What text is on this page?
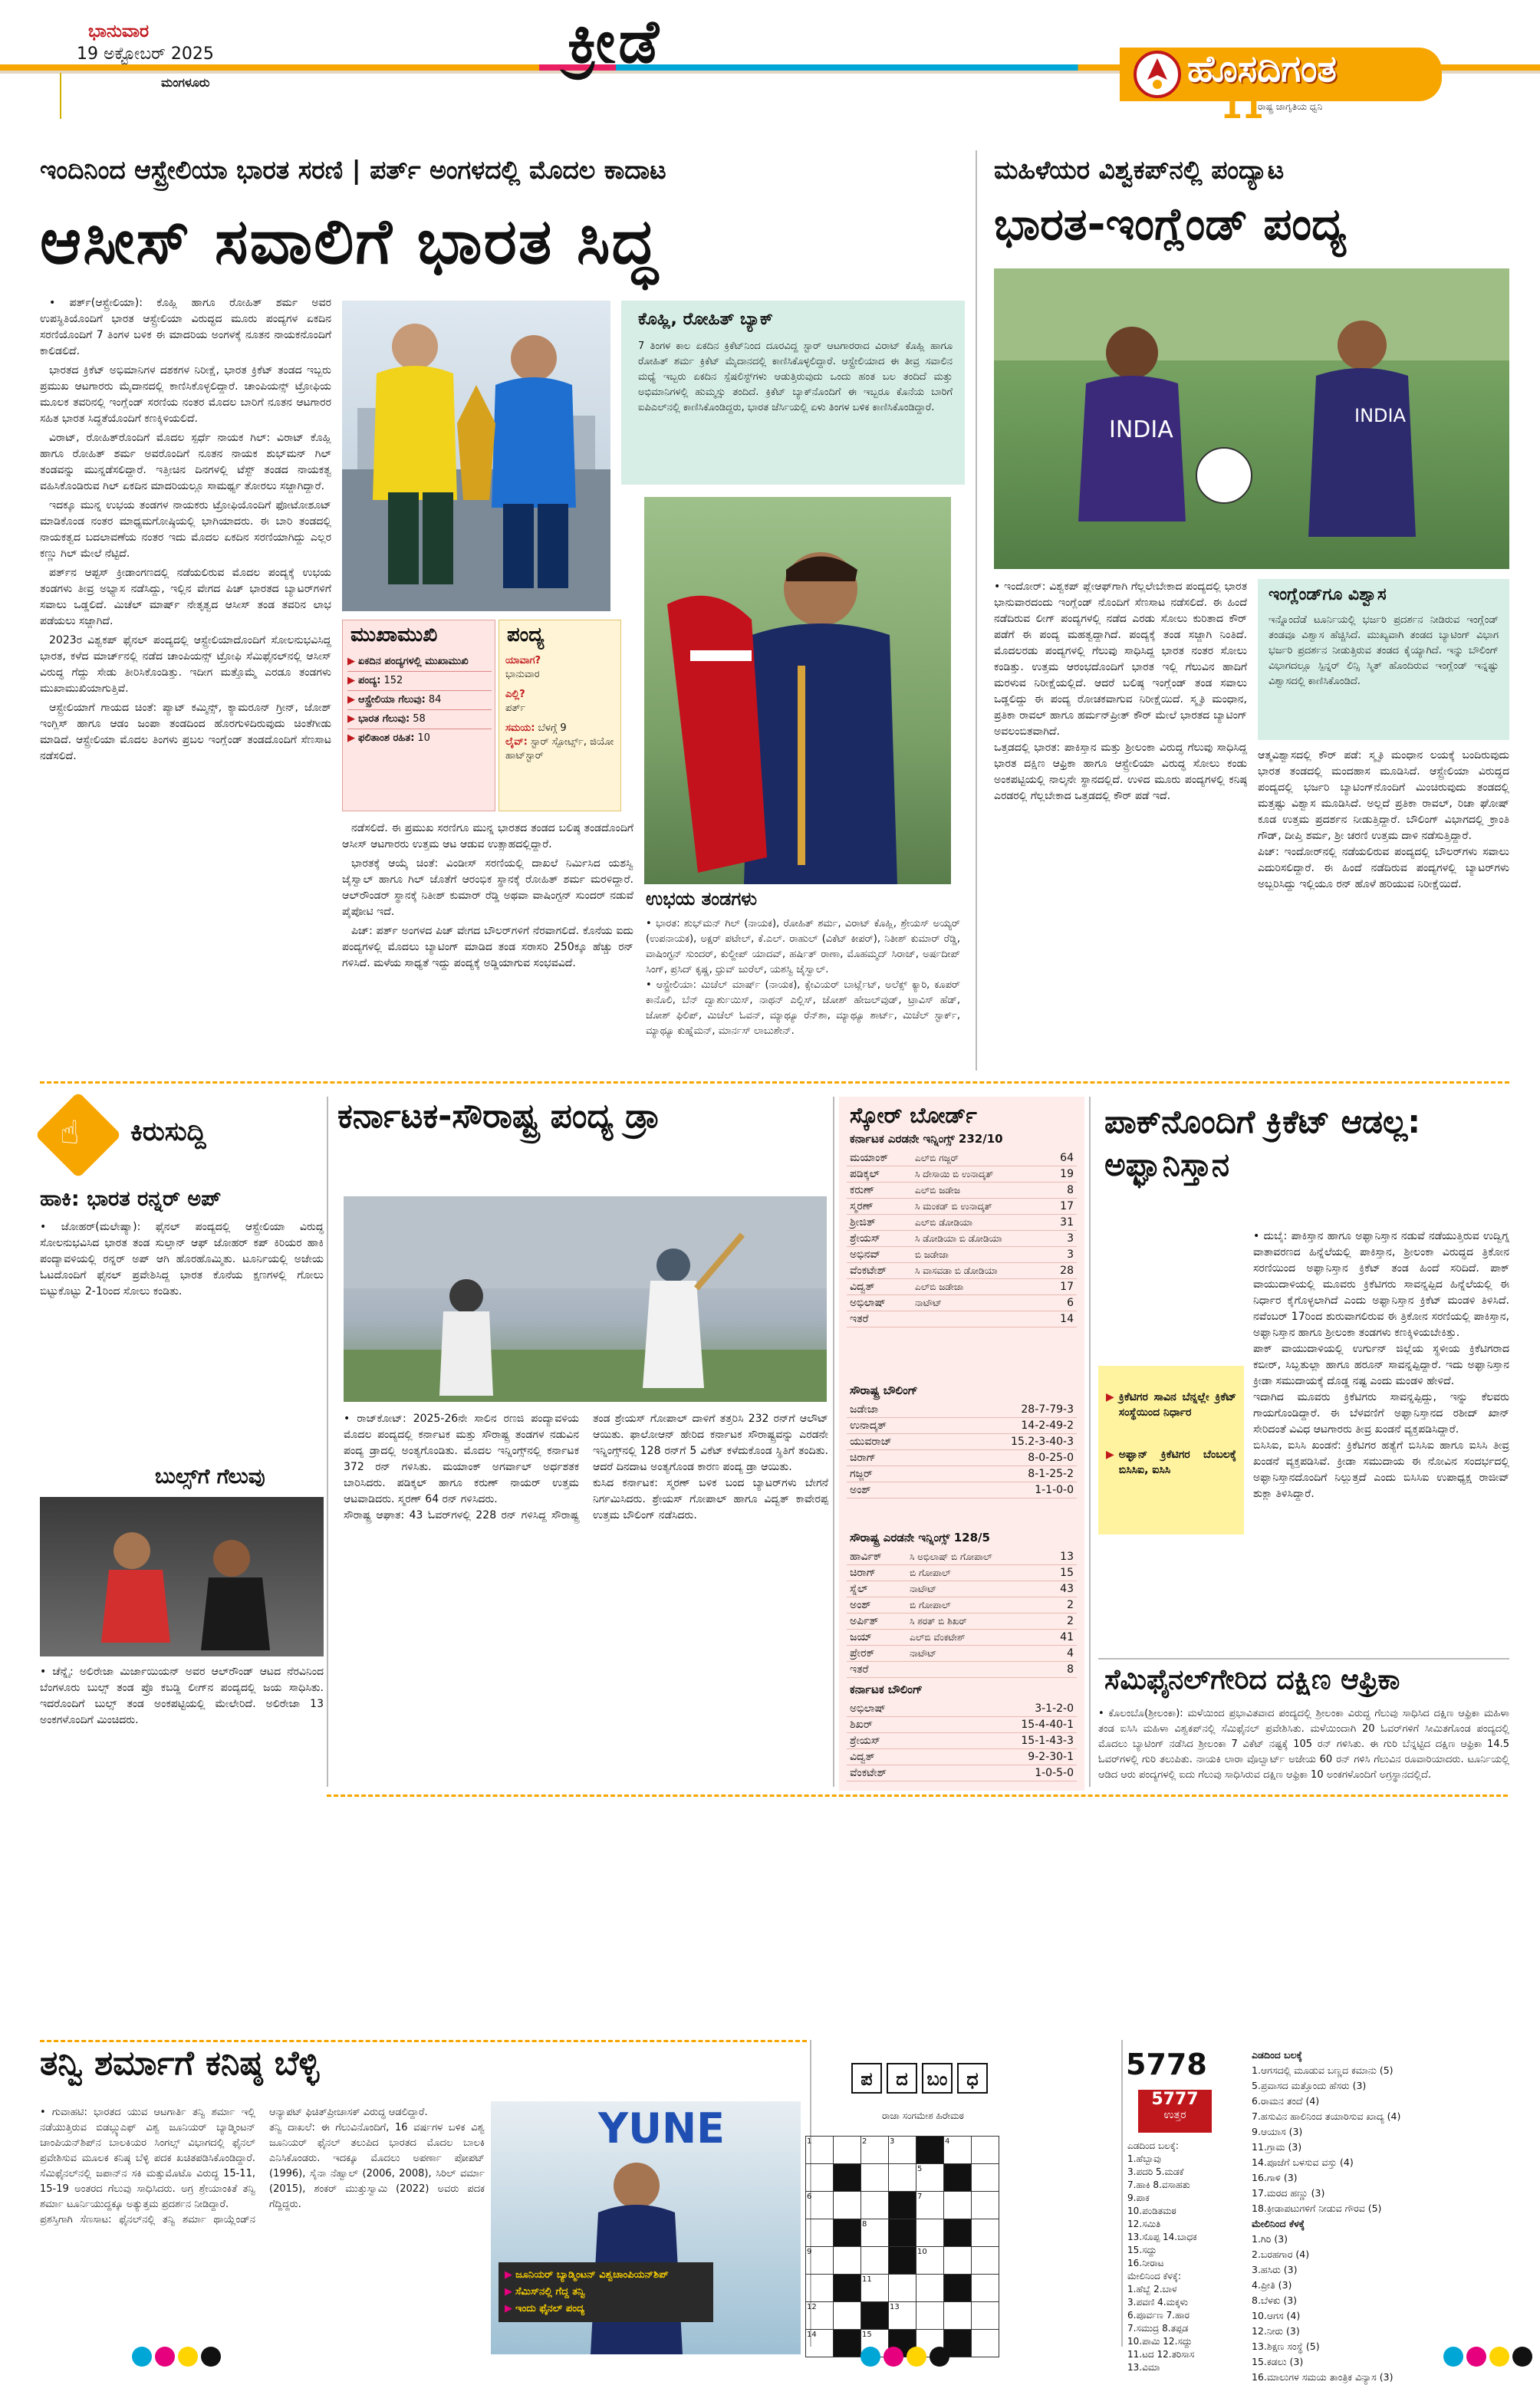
ಭಾನುವಾರ
19 ಅಕ್ಟೋಬರ್ 2025
ಮಂಗಳೂರು
ಕ್ರೀಡೆ	ಹೊಸದಿಗಂತ
ರಾಷ್ಟ್ರ ಜಾಗೃತಿಯ ಧ್ವನಿ
11
ಇಂದಿನಿಂದ ಆಸ್ಟ್ರೇಲಿಯಾ ಭಾರತ ಸರಣಿ | ಪರ್ತ್ ಅಂಗಳದಲ್ಲಿ ಮೊದಲ ಕಾದಾಟ
ಆಸೀಸ್ ಸವಾಲಿಗೆ ಭಾರತ ಸಿದ್ಧ

• ಪರ್ತ್(ಆಸ್ಟ್ರೇಲಿಯಾ): ಕೊಹ್ಲಿ ಹಾಗೂ ರೋಹಿತ್ ಶರ್ಮ ಅವರ ಉಪಸ್ಥಿತಿಯೊಂದಿಗೆ ಭಾರತ ಆಸ್ಟ್ರೇಲಿಯಾ ವಿರುದ್ಧದ ಮೂರು ಪಂದ್ಯಗಳ ಏಕದಿನ ಸರಣಿಯೊಂದಿಗೆ 7 ತಿಂಗಳ ಬಳಿಕ ಈ ಮಾದರಿಯ ಅಂಗಳಕ್ಕೆ ನೂತನ ನಾಯಕನೊಂದಿಗೆ ಕಾಲಿಡಲಿದೆ.

ಭಾರತದ ಕ್ರಿಕೆಟ್ ಅಭಿಮಾನಿಗಳ ದಶಕಗಳ ನಿರೀಕ್ಷೆ, ಭಾರತ ಕ್ರಿಕೆಟ್ ತಂಡದ ಇಬ್ಬರು ಪ್ರಮುಖ ಆಟಗಾರರು ಮೈದಾನದಲ್ಲಿ ಕಾಣಿಸಿಕೊಳ್ಳಲಿದ್ದಾರೆ. ಚಾಂಪಿಯನ್ಸ್ ಟ್ರೋಫಿಯ ಮೂಲಕ ತವರಿನಲ್ಲಿ ಇಂಗ್ಲೆಂಡ್ ಸರಣಿಯ ನಂತರ ಮೊದಲ ಬಾರಿಗೆ ನೂತನ ಆಟಗಾರರ ಸಹಿತ ಭಾರತ ಸಿದ್ಧತೆಯೊಂದಿಗೆ ಕಣಕ್ಕಿಳಿಯಲಿದೆ.

ವಿರಾಟ್, ರೋಹಿತ್‌ರೊಂದಿಗೆ ಮೊದಲ ಸ್ಪರ್ಧೆ ನಾಯಕ ಗಿಲ್: ವಿರಾಟ್ ಕೊಹ್ಲಿ ಹಾಗೂ ರೋಹಿತ್ ಶರ್ಮ ಅವರೊಂದಿಗೆ ನೂತನ ನಾಯಕ ಶುಭ್‌ಮನ್ ಗಿಲ್ ತಂಡವನ್ನು ಮುನ್ನಡೆಸಲಿದ್ದಾರೆ. ಇತ್ತೀಚಿನ ದಿನಗಳಲ್ಲಿ ಟೆಸ್ಟ್ ತಂಡದ ನಾಯಕತ್ವ ವಹಿಸಿಕೊಂಡಿರುವ ಗಿಲ್ ಏಕದಿನ ಮಾದರಿಯಲ್ಲೂ ಸಾಮರ್ಥ್ಯ ತೋರಲು ಸಜ್ಜಾಗಿದ್ದಾರೆ.

ಇದಕ್ಕೂ ಮುನ್ನ ಉಭಯ ತಂಡಗಳ ನಾಯಕರು ಟ್ರೋಫಿಯೊಂದಿಗೆ ಫೋಟೋಶೂಟ್ ಮಾಡಿಕೊಂಡ ನಂತರ ಮಾಧ್ಯಮಗೋಷ್ಠಿಯಲ್ಲಿ ಭಾಗಿಯಾದರು. ಈ ಬಾರಿ ತಂಡದಲ್ಲಿ ನಾಯಕತ್ವದ ಬದಲಾವಣೆಯ ನಂತರ ಇದು ಮೊದಲ ಏಕದಿನ ಸರಣಿಯಾಗಿದ್ದು ಎಲ್ಲರ ಕಣ್ಣು ಗಿಲ್ ಮೇಲೆ ನೆಟ್ಟಿದೆ.

ಪರ್ತ್‌ನ ಆಪ್ಟಸ್ ಕ್ರೀಡಾಂಗಣದಲ್ಲಿ ನಡೆಯಲಿರುವ ಮೊದಲ ಪಂದ್ಯಕ್ಕೆ ಉಭಯ ತಂಡಗಳು ತೀವ್ರ ಅಭ್ಯಾಸ ನಡೆಸಿದ್ದು, ಇಲ್ಲಿನ ವೇಗದ ಪಿಚ್ ಭಾರತದ ಬ್ಯಾಟರ್‌ಗಳಿಗೆ ಸವಾಲು ಒಡ್ಡಲಿದೆ. ಮಿಚೆಲ್ ಮಾರ್ಷ್ ನೇತೃತ್ವದ ಆಸೀಸ್ ತಂಡ ತವರಿನ ಲಾಭ ಪಡೆಯಲು ಸಜ್ಜಾಗಿದೆ.

2023ರ ವಿಶ್ವಕಪ್ ಫೈನಲ್ ಪಂದ್ಯದಲ್ಲಿ ಆಸ್ಟ್ರೇಲಿಯಾದೊಂದಿಗೆ ಸೋಲನುಭವಿಸಿದ್ದ ಭಾರತ, ಕಳೆದ ಮಾರ್ಚ್‌ನಲ್ಲಿ ನಡೆದ ಚಾಂಪಿಯನ್ಸ್ ಟ್ರೋಫಿ ಸೆಮಿಫೈನಲ್‌ನಲ್ಲಿ ಆಸೀಸ್ ವಿರುದ್ಧ ಗೆದ್ದು ಸೇಡು ತೀರಿಸಿಕೊಂಡಿತ್ತು. ಇದೀಗ ಮತ್ತೊಮ್ಮೆ ಎರಡೂ ತಂಡಗಳು ಮುಖಾಮುಖಿಯಾಗುತ್ತಿವೆ.

ಆಸ್ಟ್ರೇಲಿಯಾಗೆ ಗಾಯದ ಚಿಂತೆ: ಪ್ಯಾಟ್ ಕಮ್ಮಿನ್ಸ್, ಕ್ಯಾಮರೂನ್ ಗ್ರೀನ್, ಜೋಶ್ ಇಂಗ್ಲಿಸ್ ಹಾಗೂ ಆಡಂ ಜಂಪಾ ತಂಡದಿಂದ ಹೊರಗುಳಿದಿರುವುದು ಚಿಂತೆಗೀಡು ಮಾಡಿದೆ. ಆಸ್ಟ್ರೇಲಿಯಾ ಮೊದಲ ತಿಂಗಳು ಪ್ರಬಲ ಇಂಗ್ಲೆಂಡ್ ತಂಡದೊಂದಿಗೆ ಸೆಣಸಾಟ ನಡೆಸಲಿದೆ.

ಕೊಹ್ಲಿ, ರೋಹಿತ್ ಬ್ಯಾಕ್
7 ತಿಂಗಳ ಕಾಲ ಏಕದಿನ ಕ್ರಿಕೆಟ್‌ನಿಂದ ದೂರವಿದ್ದ ಸ್ಟಾರ್ ಆಟಗಾರರಾದ ವಿರಾಟ್ ಕೊಹ್ಲಿ ಹಾಗೂ ರೋಹಿತ್ ಶರ್ಮ ಕ್ರಿಕೆಟ್ ಮೈದಾನದಲ್ಲಿ ಕಾಣಿಸಿಕೊಳ್ಳಲಿದ್ದಾರೆ. ಆಸ್ಟ್ರೇಲಿಯಾದ ಈ ತೀವ್ರ ಸವಾಲಿನ ಮಧ್ಯೆ ಇಬ್ಬರು ಏಕದಿನ ಸ್ಪೆಷಲಿಸ್ಟ್‌ಗಳು ಆಡುತ್ತಿರುವುದು ಒಂದು ಹಂತ ಬಲ ತಂದಿದೆ ಮತ್ತು ಅಭಿಮಾನಿಗಳಲ್ಲಿ ಹುಮ್ಮಸ್ಸು ತಂದಿದೆ. ಕ್ರಿಕೆಟ್ ಬ್ಯಾಕ್‌ನೊಂದಿಗೆ ಈ ಇಬ್ಬರೂ ಕೊನೆಯ ಬಾರಿಗೆ ಐಪಿಎಲ್‌ನಲ್ಲಿ ಕಾಣಿಸಿಕೊಂಡಿದ್ದರು, ಭಾರತ ಜೆರ್ಸಿಯಲ್ಲಿ ಏಳು ತಿಂಗಳ ಬಳಿಕ ಕಾಣಿಸಿಕೊಂಡಿದ್ದಾರೆ.
ಮುಖಾಮುಖಿ
▶ ಏಕದಿನ ಪಂದ್ಯಗಳಲ್ಲಿ ಮುಖಾಮುಖಿ
▶ ಪಂದ್ಯ: 152
▶ ಆಸ್ಟ್ರೇಲಿಯಾ ಗೆಲುವು: 84
▶ ಭಾರತ ಗೆಲುವು: 58
▶ ಫಲಿತಾಂಶ ರಹಿತ: 10
ಪಂದ್ಯ
ಯಾವಾಗ?
ಭಾನುವಾರ
ಎಲ್ಲಿ?
ಪರ್ತ್
ಸಮಯ: ಬೆಳಗ್ಗೆ 9
ಲೈವ್: ಸ್ಟಾರ್ ಸ್ಪೋರ್ಟ್ಸ್, ಜಿಯೋ ಹಾಟ್‌ಸ್ಟಾರ್

ನಡೆಸಲಿದೆ. ಈ ಪ್ರಮುಖ ಸರಣಿಗೂ ಮುನ್ನ ಭಾರತದ ತಂಡದ ಬಲಿಷ್ಠ ತಂಡದೊಂದಿಗೆ ಆಸೀಸ್ ಆಟಗಾರರು ಉತ್ತಮ ಆಟ ಆಡುವ ಉತ್ಸಾಹದಲ್ಲಿದ್ದಾರೆ.

ಭಾರತಕ್ಕೆ ಆಯ್ಕೆ ಚಿಂತೆ: ವಿಂಡೀಸ್ ಸರಣಿಯಲ್ಲಿ ದಾಖಲೆ ನಿರ್ಮಿಸಿದ ಯಶಸ್ವಿ ಜೈಸ್ವಾಲ್ ಹಾಗೂ ಗಿಲ್ ಜೊತೆಗೆ ಆರಂಭಿಕ ಸ್ಥಾನಕ್ಕೆ ರೋಹಿತ್ ಶರ್ಮ ಮರಳಿದ್ದಾರೆ. ಆಲ್‌ರೌಂಡರ್ ಸ್ಥಾನಕ್ಕೆ ನಿತೀಶ್ ಕುಮಾರ್ ರೆಡ್ಡಿ ಅಥವಾ ವಾಷಿಂಗ್ಟನ್ ಸುಂದರ್ ನಡುವೆ ಪೈಪೋಟಿ ಇದೆ.

ಪಿಚ್: ಪರ್ತ್ ಅಂಗಳದ ಪಿಚ್ ವೇಗದ ಬೌಲರ್‌ಗಳಿಗೆ ನೆರವಾಗಲಿದೆ. ಕೊನೆಯ ಐದು ಪಂದ್ಯಗಳಲ್ಲಿ ಮೊದಲು ಬ್ಯಾಟಿಂಗ್ ಮಾಡಿದ ತಂಡ ಸರಾಸರಿ 250ಕ್ಕೂ ಹೆಚ್ಚು ರನ್ ಗಳಿಸಿದೆ. ಮಳೆಯ ಸಾಧ್ಯತೆ ಇದ್ದು ಪಂದ್ಯಕ್ಕೆ ಅಡ್ಡಿಯಾಗುವ ಸಂಭವವಿದೆ.

ಉಭಯ ತಂಡಗಳು
• ಭಾರತ: ಶುಭ್‌ಮನ್ ಗಿಲ್ (ನಾಯಕ), ರೋಹಿತ್ ಶರ್ಮ, ವಿರಾಟ್ ಕೊಹ್ಲಿ, ಶ್ರೇಯಸ್ ಅಯ್ಯರ್ (ಉಪನಾಯಕ), ಅಕ್ಷರ್ ಪಟೇಲ್, ಕೆ.ಎಲ್. ರಾಹುಲ್ (ವಿಕೆಟ್ ಕೀಪರ್), ನಿತೀಶ್ ಕುಮಾರ್ ರೆಡ್ಡಿ, ವಾಷಿಂಗ್ಟನ್ ಸುಂದರ್, ಕುಲ್ದೀಪ್ ಯಾದವ್, ಹರ್ಷಿತ್ ರಾಣಾ, ಮೊಹಮ್ಮದ್ ಸಿರಾಜ್, ಅರ್ಷದೀಪ್ ಸಿಂಗ್, ಪ್ರಸಿದ್ ಕೃಷ್ಣ, ಧ್ರುವ್ ಜುರೆಲ್, ಯಶಸ್ವಿ ಜೈಸ್ವಾಲ್.
• ಆಸ್ಟ್ರೇಲಿಯಾ: ಮಿಚೆಲ್ ಮಾರ್ಷ್ (ನಾಯಕ), ಕ್ಸೇವಿಯರ್ ಬಾರ್ಟ್ಲೆಟ್, ಅಲೆಕ್ಸ್ ಕ್ಯಾರಿ, ಕೂಪರ್ ಕಾನೊಲಿ, ಬೆನ್ ದ್ವಾರ್ಶುಯಿಸ್, ನಾಥನ್ ಎಲ್ಲಿಸ್, ಜೋಶ್ ಹೇಜಲ್‌ವುಡ್, ಟ್ರಾವಿಸ್ ಹೆಡ್, ಜೋಶ್ ಫಿಲಿಪ್, ಮಿಚೆಲ್ ಓವನ್, ಮ್ಯಾಥ್ಯೂ ರೆನ್‌ಶಾ, ಮ್ಯಾಥ್ಯೂ ಶಾರ್ಟ್, ಮಿಚೆಲ್ ಸ್ಟಾರ್ಕ್, ಮ್ಯಾಥ್ಯೂ ಕುಹ್ನೆಮನ್, ಮಾರ್ನಸ್ ಲಾಬುಶೇನ್.
ಮಹಿಳೆಯರ ವಿಶ್ವಕಪ್‌ನಲ್ಲಿ ಪಂದ್ಯಾಟ
ಭಾರತ-ಇಂಗ್ಲೆಂಡ್ ಪಂದ್ಯ
INDIA
INDIA
• ಇಂದೋರ್: ವಿಶ್ವಕಪ್ ಪ್ಲೇಆಫ್‌ಗಾಗಿ ಗೆಲ್ಲಲೇಬೇಕಾದ ಪಂದ್ಯದಲ್ಲಿ ಭಾರತ ಭಾನುವಾರದಂದು ಇಂಗ್ಲೆಂಡ್ ನೊಂದಿಗೆ ಸೆಣಸಾಟ ನಡೆಸಲಿದೆ. ಈ ಹಿಂದೆ ನಡೆದಿರುವ ಲೀಗ್ ಪಂದ್ಯಗಳಲ್ಲಿ ನಡೆದ ಎರಡು ಸೋಲು ಕುರಿತಾದ ಕೌರ್ ಪಡೆಗೆ ಈ ಪಂದ್ಯ ಮಹತ್ವದ್ದಾಗಿದೆ. ಪಂದ್ಯಕ್ಕೆ ತಂಡ ಸಜ್ಜಾಗಿ ನಿಂತಿದೆ. ಮೊದಲರಡು ಪಂದ್ಯಗಳಲ್ಲಿ ಗೆಲುವು ಸಾಧಿಸಿದ್ದ ಭಾರತ ನಂತರ ಸೋಲು ಕಂಡಿತ್ತು. ಉತ್ತಮ ಆರಂಭದೊಂದಿಗೆ ಭಾರತ ಇಲ್ಲಿ ಗೆಲುವಿನ ಹಾದಿಗೆ ಮರಳುವ ನಿರೀಕ್ಷೆಯಲ್ಲಿದೆ. ಆದರೆ ಬಲಿಷ್ಠ ಇಂಗ್ಲೆಂಡ್ ತಂಡ ಸವಾಲು ಒಡ್ಡಲಿದ್ದು ಈ ಪಂದ್ಯ ರೋಚಕವಾಗುವ ನಿರೀಕ್ಷೆಯಿದೆ. ಸ್ಮೃತಿ ಮಂಧಾನ, ಪ್ರತಿಕಾ ರಾವಲ್ ಹಾಗೂ ಹರ್ಮನ್‌ಪ್ರೀತ್ ಕೌರ್ ಮೇಲೆ ಭಾರತದ ಬ್ಯಾಟಿಂಗ್ ಅವಲಂಬಿತವಾಗಿದೆ.
ಒತ್ತಡದಲ್ಲಿ ಭಾರತ: ಪಾಕಿಸ್ತಾನ ಮತ್ತು ಶ್ರೀಲಂಕಾ ವಿರುದ್ಧ ಗೆಲುವು ಸಾಧಿಸಿದ್ದ ಭಾರತ ದಕ್ಷಿಣ ಆಫ್ರಿಕಾ ಹಾಗೂ ಆಸ್ಟ್ರೇಲಿಯಾ ವಿರುದ್ಧ ಸೋಲು ಕಂಡು ಅಂಕಪಟ್ಟಿಯಲ್ಲಿ ನಾಲ್ಕನೇ ಸ್ಥಾನದಲ್ಲಿದೆ. ಉಳಿದ ಮೂರು ಪಂದ್ಯಗಳಲ್ಲಿ ಕನಿಷ್ಠ ಎರಡರಲ್ಲಿ ಗೆಲ್ಲಬೇಕಾದ ಒತ್ತಡದಲ್ಲಿ ಕೌರ್ ಪಡೆ ಇದೆ.
ಇಂಗ್ಲೆಂಡ್‌ಗೂ ವಿಶ್ವಾಸ
ಇನ್ನೊಂದೆಡೆ ಟೂರ್ನಿಯಲ್ಲಿ ಭರ್ಜರಿ ಪ್ರದರ್ಶನ ನೀಡಿರುವ ಇಂಗ್ಲೆಂಡ್ ತಂಡವೂ ವಿಶ್ವಾಸ ಹೆಚ್ಚಿಸಿದೆ. ಮುಖ್ಯವಾಗಿ ತಂಡದ ಬ್ಯಾಟಿಂಗ್ ವಿಭಾಗ ಭರ್ಜರಿ ಪ್ರದರ್ಶನ ನೀಡುತ್ತಿರುವ ತಂಡದ ಕೈಯ್ಯಾಗಿದೆ. ಇನ್ನು ಬೌಲಿಂಗ್ ವಿಭಾಗದಲ್ಲೂ ಸ್ಪಿನ್ನರ್ ಲಿನ್ಸಿ ಸ್ಮಿತ್ ಹೊಂದಿರುವ ಇಂಗ್ಲೆಂಡ್ ಇನ್ನಷ್ಟು ವಿಶ್ವಾಸದಲ್ಲಿ ಕಾಣಿಸಿಕೊಂಡಿದೆ.
ಆತ್ಮವಿಶ್ವಾಸದಲ್ಲಿ ಕೌರ್ ಪಡೆ: ಸ್ಮೃತಿ ಮಂಧಾನ ಲಯಕ್ಕೆ ಬಂದಿರುವುದು ಭಾರತ ತಂಡದಲ್ಲಿ ಮಂದಹಾಸ ಮೂಡಿಸಿದೆ. ಆಸ್ಟ್ರೇಲಿಯಾ ವಿರುದ್ಧದ ಪಂದ್ಯದಲ್ಲಿ ಭರ್ಜರಿ ಬ್ಯಾಟಿಂಗ್‌ನೊಂದಿಗೆ ಮಿಂಚಿರುವುದು ತಂಡದಲ್ಲಿ ಮತ್ತಷ್ಟು ವಿಶ್ವಾಸ ಮೂಡಿಸಿದೆ. ಅಲ್ಲದೆ ಪ್ರತಿಕಾ ರಾವಲ್, ರಿಚಾ ಘೋಷ್ ಕೂಡ ಉತ್ತಮ ಪ್ರದರ್ಶನ ನೀಡುತ್ತಿದ್ದಾರೆ. ಬೌಲಿಂಗ್ ವಿಭಾಗದಲ್ಲಿ ಕ್ರಾಂತಿ ಗೌಡ್, ದೀಪ್ತಿ ಶರ್ಮ, ಶ್ರೀ ಚರಣಿ ಉತ್ತಮ ದಾಳಿ ನಡೆಸುತ್ತಿದ್ದಾರೆ.
ಪಿಚ್: ಇಂದೋರ್‌ನಲ್ಲಿ ನಡೆಯಲಿರುವ ಪಂದ್ಯದಲ್ಲಿ ಬೌಲರ್‌ಗಳು ಸವಾಲು ಎದುರಿಸಲಿದ್ದಾರೆ. ಈ ಹಿಂದೆ ನಡೆದಿರುವ ಪಂದ್ಯಗಳಲ್ಲಿ ಬ್ಯಾಟರ್‌ಗಳು ಅಬ್ಬರಿಸಿದ್ದು ಇಲ್ಲಿಯೂ ರನ್ ಹೊಳೆ ಹರಿಯುವ ನಿರೀಕ್ಷೆಯಿದೆ.
☝ ಕಿರುಸುದ್ದಿ
ಹಾಕಿ: ಭಾರತ ರನ್ನರ್ ಅಪ್
• ಜೋಹರ್(ಮಲೇಷ್ಯಾ): ಫೈನಲ್ ಪಂದ್ಯದಲ್ಲಿ ಆಸ್ಟ್ರೇಲಿಯಾ ವಿರುದ್ಧ ಸೋಲನುಭವಿಸಿದ ಭಾರತ ತಂಡ ಸುಲ್ತಾನ್ ಆಫ್ ಜೋಹರ್ ಕಪ್ ಕಿರಿಯರ ಹಾಕಿ ಪಂದ್ಯಾವಳಿಯಲ್ಲಿ ರನ್ನರ್ ಅಪ್ ಆಗಿ ಹೊರಹೊಮ್ಮಿತು. ಟೂರ್ನಿಯಲ್ಲಿ ಅಜೇಯ ಓಟದೊಂದಿಗೆ ಫೈನಲ್ ಪ್ರವೇಶಿಸಿದ್ದ ಭಾರತ ಕೊನೆಯ ಕ್ಷಣಗಳಲ್ಲಿ ಗೋಲು ಬಿಟ್ಟುಕೊಟ್ಟು 2-1ರಿಂದ ಸೋಲು ಕಂಡಿತು.
ಬುಲ್ಸ್‌ಗೆ ಗೆಲುವು
• ಚೆನ್ನೈ: ಅಲಿರೇಜಾ ಮಿರ್ಜಾಯಿಯನ್ ಅವರ ಆಲ್‌ರೌಂಡ್ ಆಟದ ನೆರವಿನಿಂದ ಬೆಂಗಳೂರು ಬುಲ್ಸ್ ತಂಡ ಪ್ರೊ ಕಬಡ್ಡಿ ಲೀಗ್‌ನ ಪಂದ್ಯದಲ್ಲಿ ಜಯ ಸಾಧಿಸಿತು. ಇದರೊಂದಿಗೆ ಬುಲ್ಸ್ ತಂಡ ಅಂಕಪಟ್ಟಿಯಲ್ಲಿ ಮೇಲೇರಿದೆ. ಅಲಿರೇಜಾ 13 ಅಂಕಗಳೊಂದಿಗೆ ಮಿಂಚಿದರು.
ಕರ್ನಾಟಕ-ಸೌರಾಷ್ಟ್ರ ಪಂದ್ಯ ಡ್ರಾ
• ರಾಜ್‌ಕೋಟ್: 2025-26ನೇ ಸಾಲಿನ ರಣಜಿ ಪಂದ್ಯಾವಳಿಯ ಮೊದಲ ಪಂದ್ಯದಲ್ಲಿ ಕರ್ನಾಟಕ ಮತ್ತು ಸೌರಾಷ್ಟ್ರ ತಂಡಗಳ ನಡುವಿನ ಪಂದ್ಯ ಡ್ರಾದಲ್ಲಿ ಅಂತ್ಯಗೊಂಡಿತು. ಮೊದಲ ಇನ್ನಿಂಗ್ಸ್‌ನಲ್ಲಿ ಕರ್ನಾಟಕ 372 ರನ್ ಗಳಿಸಿತು. ಮಯಾಂಕ್ ಅಗರ್ವಾಲ್ ಅರ್ಧಶತಕ ಬಾರಿಸಿದರು. ಪಡಿಕ್ಕಲ್ ಹಾಗೂ ಕರುಣ್ ನಾಯರ್ ಉತ್ತಮ ಆಟವಾಡಿದರು. ಸ್ಮರಣ್ 64 ರನ್ ಗಳಿಸಿದರು.
ಸೌರಾಷ್ಟ್ರ ಆಘಾತ: 43 ಓವರ್‌ಗಳಲ್ಲಿ 228 ರನ್ ಗಳಿಸಿದ್ದ ಸೌರಾಷ್ಟ್ರ ತಂಡ ಶ್ರೇಯಸ್ ಗೋಪಾಲ್ ದಾಳಿಗೆ ತತ್ತರಿಸಿ 232 ರನ್‌ಗೆ ಆಲೌಟ್ ಆಯಿತು. ಫಾಲೋಆನ್ ಹೇರಿದ ಕರ್ನಾಟಕ ಸೌರಾಷ್ಟ್ರವನ್ನು ಎರಡನೇ ಇನ್ನಿಂಗ್ಸ್‌ನಲ್ಲಿ 128 ರನ್‌ಗೆ 5 ವಿಕೆಟ್ ಕಳೆದುಕೊಂಡ ಸ್ಥಿತಿಗೆ ತಂದಿತು. ಆದರೆ ದಿನದಾಟ ಅಂತ್ಯಗೊಂಡ ಕಾರಣ ಪಂದ್ಯ ಡ್ರಾ ಆಯಿತು.
ಕುಸಿದ ಕರ್ನಾಟಕ: ಸ್ಮರಣ್ ಬಳಿಕ ಬಂದ ಬ್ಯಾಟರ್‌ಗಳು ಬೇಗನೆ ನಿರ್ಗಮಿಸಿದರು. ಶ್ರೇಯಸ್ ಗೋಪಾಲ್ ಹಾಗೂ ವಿದ್ವತ್ ಕಾವೇರಪ್ಪ ಉತ್ತಮ ಬೌಲಿಂಗ್ ನಡೆಸಿದರು.
ಸ್ಕೋರ್ ಬೋರ್ಡ್
ಕರ್ನಾಟಕ ಎರಡನೇ ಇನ್ನಿಂಗ್ಸ್ 232/10
ಮಯಾಂಕ್	ಎಲ್‌ಬಿ ಗಜ್ಜರ್	64
ಪಡಿಕ್ಕಲ್	ಸಿ ದೇಸಾಯಿ ಬಿ ಉನಾದ್ಕತ್	19
ಕರುಣ್	ಎಲ್‌ಬಿ ಜಡೇಜ	8
ಸ್ಮರಣ್	ಸಿ ಮಂಕಡ್ ಬಿ ಉನಾದ್ಕತ್	17
ಶ್ರೀಜಿತ್	ಎಲ್‌ಬಿ ಡೋಡಿಯಾ	31
ಶ್ರೇಯಸ್	ಸಿ ಡೋಡಿಯಾ ಬಿ ಡೋಡಿಯಾ	3
ಅಭಿನವ್	ಬಿ ಜಡೇಜಾ	3
ವೆಂಕಟೇಶ್	ಸಿ ವಾಸವಡಾ ಬಿ ಡೋಡಿಯಾ	28
ವಿದ್ವತ್	ಎಲ್‌ಬಿ ಜಡೇಜಾ	17
ಅಭಿಲಾಷ್	ನಾಟೌಟ್	6
ಇತರೆ		14
ಸೌರಾಷ್ಟ್ರ ಬೌಲಿಂಗ್
ಜಡೇಜಾ	28-7-79-3
ಉನಾದ್ಕತ್	14-2-49-2
ಯುವರಾಜ್	15.2-3-40-3
ಚಿರಾಗ್	8-0-25-0
ಗಜ್ಜರ್	8-1-25-2
ಅಂಶ್	1-1-0-0
ಸೌರಾಷ್ಟ್ರ ಎರಡನೇ ಇನ್ನಿಂಗ್ಸ್ 128/5
ಹಾರ್ವಿಕ್	ಸಿ ಅಭಿಲಾಷ್ ಬಿ ಗೋಪಾಲ್	13
ಚಿರಾಗ್	ಬಿ ಗೋಪಾಲ್	15
ಸ್ನೆಲ್	ನಾಟೌಟ್	43
ಅಂಶ್	ಬಿ ಗೋಪಾಲ್	2
ಅರ್ಪಿತ್	ಸಿ ಶರತ್ ಬಿ ಶಿಖರ್	2
ಜಯ್	ಎಲ್‌ಬಿ ವೆಂಕಟೇಶ್	41
ಪ್ರೇರಕ್	ನಾಟೌಟ್	4
ಇತರೆ		8
ಕರ್ನಾಟಕ ಬೌಲಿಂಗ್
ಅಭಿಲಾಷ್	3-1-2-0
ಶಿಖರ್	15-4-40-1
ಶ್ರೇಯಸ್	15-1-43-3
ವಿದ್ವತ್	9-2-30-1
ವೆಂಕಟೇಶ್	1-0-5-0
ಪಾಕ್‌ನೊಂದಿಗೆ ಕ್ರಿಕೆಟ್ ಆಡಲ್ಲ: ಅಫ್ಘಾನಿಸ್ತಾನ

▶ ಕ್ರಿಕೆಟಿಗರ ಸಾವಿನ ಬೆನ್ನಲ್ಲೇ ಕ್ರಿಕೆಟ್ ಸಂಸ್ಥೆಯಿಂದ ನಿರ್ಧಾರ

▶ ಅಫ್ಘಾನ್ ಕ್ರಿಕೆಟಿಗರ ಬೆಂಬಲಕ್ಕೆ ಬಿಸಿಸಿಐ, ಐಸಿಸಿ

• ದುಬೈ: ಪಾಕಿಸ್ತಾನ ಹಾಗೂ ಅಫ್ಘಾನಿಸ್ತಾನ ನಡುವೆ ನಡೆಯುತ್ತಿರುವ ಉದ್ವಿಗ್ನ ವಾತಾವರಣದ ಹಿನ್ನೆಲೆಯಲ್ಲಿ ಪಾಕಿಸ್ತಾನ, ಶ್ರೀಲಂಕಾ ವಿರುದ್ಧದ ತ್ರಿಕೋನ ಸರಣಿಯಿಂದ ಅಫ್ಘಾನಿಸ್ತಾನ ಕ್ರಿಕೆಟ್ ತಂಡ ಹಿಂದೆ ಸರಿದಿದೆ. ಪಾಕ್ ವಾಯುದಾಳಿಯಲ್ಲಿ ಮೂವರು ಕ್ರಿಕೆಟಿಗರು ಸಾವನ್ನಪ್ಪಿದ ಹಿನ್ನೆಲೆಯಲ್ಲಿ ಈ ನಿರ್ಧಾರ ಕೈಗೊಳ್ಳಲಾಗಿದೆ ಎಂದು ಅಫ್ಘಾನಿಸ್ತಾನ ಕ್ರಿಕೆಟ್ ಮಂಡಳಿ ತಿಳಿಸಿದೆ. ನವೆಂಬರ್ 17ರಿಂದ ಶುರುವಾಗಲಿರುವ ಈ ತ್ರಿಕೋನ ಸರಣಿಯಲ್ಲಿ ಪಾಕಿಸ್ತಾನ, ಅಫ್ಘಾನಿಸ್ತಾನ ಹಾಗೂ ಶ್ರೀಲಂಕಾ ತಂಡಗಳು ಕಣಕ್ಕಿಳಿಯಬೇಕಿತ್ತು.
ಪಾಕ್ ವಾಯುದಾಳಿಯಲ್ಲಿ ಉರ್ಗುನ್ ಜಿಲ್ಲೆಯ ಸ್ಥಳೀಯ ಕ್ರಿಕೆಟಿಗರಾದ ಕಬೀರ್, ಸಿಬ್ಘತುಲ್ಲಾ ಹಾಗೂ ಹರೂನ್ ಸಾವನ್ನಪ್ಪಿದ್ದಾರೆ. ಇದು ಅಫ್ಘಾನಿಸ್ತಾನ ಕ್ರೀಡಾ ಸಮುದಾಯಕ್ಕೆ ದೊಡ್ಡ ನಷ್ಟ ಎಂದು ಮಂಡಳಿ ಹೇಳಿದೆ.
ಇದಾಗಿದ ಮೂವರು ಕ್ರಿಕೆಟಿಗರು ಸಾವನ್ನಪ್ಪಿದ್ದು, ಇನ್ನು ಕೆಲವರು ಗಾಯಗೊಂಡಿದ್ದಾರೆ. ಈ ಬೆಳವಣಿಗೆ ಅಫ್ಘಾನಿಸ್ತಾನದ ರಶೀದ್ ಖಾನ್ ಸೇರಿದಂತೆ ವಿವಿಧ ಆಟಗಾರರು ತೀವ್ರ ಖಂಡನೆ ವ್ಯಕ್ತಪಡಿಸಿದ್ದಾರೆ.
ಬಿಸಿಸಿಐ, ಐಸಿಸಿ ಖಂಡನೆ: ಕ್ರಿಕೆಟಿಗರ ಹತ್ಯೆಗೆ ಬಿಸಿಸಿಐ ಹಾಗೂ ಐಸಿಸಿ ತೀವ್ರ ಖಂಡನೆ ವ್ಯಕ್ತಪಡಿಸಿವೆ. ಕ್ರೀಡಾ ಸಮುದಾಯ ಈ ನೋವಿನ ಸಂದರ್ಭದಲ್ಲಿ ಅಫ್ಘಾನಿಸ್ತಾನದೊಂದಿಗೆ ನಿಲ್ಲುತ್ತದೆ ಎಂದು ಬಿಸಿಸಿಐ ಉಪಾಧ್ಯಕ್ಷ ರಾಜೀವ್ ಶುಕ್ಲಾ ತಿಳಿಸಿದ್ದಾರೆ.

ಸೆಮಿಫೈನಲ್‌ಗೇರಿದ ದಕ್ಷಿಣ ಆಫ್ರಿಕಾ
• ಕೊಲಂಬೊ(ಶ್ರೀಲಂಕಾ): ಮಳೆಯಿಂದ ಪ್ರಭಾವಿತವಾದ ಪಂದ್ಯದಲ್ಲಿ ಶ್ರೀಲಂಕಾ ವಿರುದ್ಧ ಗೆಲುವು ಸಾಧಿಸಿದ ದಕ್ಷಿಣ ಆಫ್ರಿಕಾ ಮಹಿಳಾ ತಂಡ ಐಸಿಸಿ ಮಹಿಳಾ ವಿಶ್ವಕಪ್‌ನಲ್ಲಿ ಸೆಮಿಫೈನಲ್ ಪ್ರವೇಶಿಸಿತು. ಮಳೆಯಿಂದಾಗಿ 20 ಓವರ್‌ಗಳಿಗೆ ಸೀಮಿತಗೊಂಡ ಪಂದ್ಯದಲ್ಲಿ ಮೊದಲು ಬ್ಯಾಟಿಂಗ್ ನಡೆಸಿದ ಶ್ರೀಲಂಕಾ 7 ವಿಕೆಟ್ ನಷ್ಟಕ್ಕೆ 105 ರನ್ ಗಳಿಸಿತು. ಈ ಗುರಿ ಬೆನ್ನಟ್ಟಿದ ದಕ್ಷಿಣ ಆಫ್ರಿಕಾ 14.5 ಓವರ್‌ಗಳಲ್ಲಿ ಗುರಿ ತಲುಪಿತು. ನಾಯಕಿ ಲಾರಾ ವೊಲ್ವಾರ್ಟ್ ಅಜೇಯ 60 ರನ್ ಗಳಿಸಿ ಗೆಲುವಿನ ರೂವಾರಿಯಾದರು. ಟೂರ್ನಿಯಲ್ಲಿ ಆಡಿದ ಆರು ಪಂದ್ಯಗಳಲ್ಲಿ ಐದು ಗೆಲುವು ಸಾಧಿಸಿರುವ ದಕ್ಷಿಣ ಆಫ್ರಿಕಾ 10 ಅಂಕಗಳೊಂದಿಗೆ ಅಗ್ರಸ್ಥಾನದಲ್ಲಿದೆ.
ತನ್ವಿ ಶರ್ಮಾಗೆ ಕನಿಷ್ಠ ಬೆಳ್ಳಿ
• ಗುವಾಹಟಿ: ಭಾರತದ ಯುವ ಆಟಗಾರ್ತಿ ತನ್ವಿ ಶರ್ಮಾ ಇಲ್ಲಿ ನಡೆಯುತ್ತಿರುವ ಬಿಡಬ್ಲ್ಯುಎಫ್ ವಿಶ್ವ ಜೂನಿಯರ್ ಬ್ಯಾಡ್ಮಿಂಟನ್ ಚಾಂಪಿಯನ್‌ಶಿಪ್‌ನ ಬಾಲಕಿಯರ ಸಿಂಗಲ್ಸ್ ವಿಭಾಗದಲ್ಲಿ ಫೈನಲ್ ಪ್ರವೇಶಿಸುವ ಮೂಲಕ ಕನಿಷ್ಠ ಬೆಳ್ಳಿ ಪದಕ ಖಚಿತಪಡಿಸಿಕೊಂಡಿದ್ದಾರೆ. ಸೆಮಿಫೈನಲ್‌ನಲ್ಲಿ ಜಪಾನ್‌ನ ಸಕಿ ಮತ್ಸುಮೊಟೊ ವಿರುದ್ಧ 15-11, 15-19 ಅಂತರದ ಗೆಲುವು ಸಾಧಿಸಿದರು. ಅಗ್ರ ಶ್ರೇಯಾಂಕಿತೆ ತನ್ವಿ ಶರ್ಮಾ ಟೂರ್ನಿಯುದ್ದಕ್ಕೂ ಅತ್ಯುತ್ತಮ ಪ್ರದರ್ಶನ ನೀಡಿದ್ದಾರೆ.
ಪ್ರಶಸ್ತಿಗಾಗಿ ಸೆಣಸಾಟ: ಫೈನಲ್‌ನಲ್ಲಿ ತನ್ವಿ ಶರ್ಮಾ ಥಾಯ್ಲೆಂಡ್‌ನ ಆನ್ಯಾಪಟ್ ಫಿಚಿತ್‌ಪ್ರೀಚಾಸಕ್ ವಿರುದ್ಧ ಆಡಲಿದ್ದಾರೆ.
ತನ್ವಿ ದಾಖಲೆ: ಈ ಗೆಲುವಿನೊಂದಿಗೆ, 16 ವರ್ಷಗಳ ಬಳಿಕ ವಿಶ್ವ ಜೂನಿಯರ್ ಫೈನಲ್ ತಲುಪಿದ ಭಾರತದ ಮೊದಲ ಬಾಲಕಿ ಎನಿಸಿಕೊಂಡರು. ಇದಕ್ಕೂ ಮೊದಲು ಅಪರ್ಣಾ ಪೋಪಟ್ (1996), ಸೈನಾ ನೆಹ್ವಾಲ್ (2006, 2008), ಸಿರಿಲ್ ವರ್ಮಾ (2015), ಶಂಕರ್ ಮುತ್ತುಸ್ವಾಮಿ (2022) ಅವರು ಪದಕ ಗೆದ್ದಿದ್ದರು.
YUNE
▶ ಜೂನಿಯರ್ ಬ್ಯಾಡ್ಮಿಂಟನ್ ವಿಶ್ವಚಾಂಪಿಯನ್‌ಶಿಪ್
▶ ಸೆಮಿಸ್‌ನಲ್ಲಿ ಗೆದ್ದ ತನ್ವಿ
▶ ಇಂದು ಫೈನಲ್ ಪಂದ್ಯ
ಪ	ದ	ಬಂ	ಧ
ರಾಜಾ ಸಂಗಮೇಶ ಹಿರೇಮಠ
1		2	3		4	
				5		
6				7		
		8				
9				10		
		11				
12			13			
14		15				
5778
5777
ಉತ್ತರ
ಎಡದಿಂದ ಬಲಕ್ಕೆ:
1.ಹೆಬ್ಬಾವು
3.ಪದರಿ 5.ಮಡಕೆ
7.ಹಾಕಿ 8.ವಸಾಹತು
9.ಪಾಕ
10.ಪಂಡಿತಮಠ
12.ಸಮಿತಿ
13.ಸೊಪ್ಪ 14.ಬಾಧಕ
15.ಸದ್ದು
16.ನೀರಾಟ
ಮೇಲಿನಿಂದ ಕೆಳಕ್ಕೆ:
1.ಹೆಬ್ಬೆ 2.ಬಾಳ
3.ಪವಣಿ 4.ಮಕ್ಕಳು
6.ಪೂರ್ವಣ 7.ಹಾರ
7.ಸಮುದ್ರ 8.ತಪ್ಪಡ
10.ಪಾಮಿ 12.ಸದ್ದು
11.ಟದ 12.ತರಿಸಾಸ
13.ವಿಮಾ
ಎಡದಿಂದ ಬಲಕ್ಕೆ
1.ಆಗಸದಲ್ಲಿ ಮೂಡುವ ಬಣ್ಣದ ಕಮಾನು (5)
5.ಪ್ರವಾಸದ ಮತ್ತೊಂದು ಹೆಸರು (3)
6.ರಾಮನ ತಂದೆ (4)
7.ಹಸುವಿನ ಹಾಲಿನಿಂದ ತಯಾರಿಸುವ ಖಾದ್ಯ (4)
9.ಆಯಾಸ (3)
11.ಗ್ರಾಮ (3)
14.ಪೂಜೆಗೆ ಬಳಸುವ ವಸ್ತು (4)
16.ಗಾಳಿ (3)
17.ಮರದ ಹಣ್ಣು (3)
18.ಕ್ರೀಡಾಪಟುಗಳಿಗೆ ನೀಡುವ ಗೌರವ (5)
ಮೇಲಿನಿಂದ ಕೆಳಕ್ಕೆ
1.ಗಿರಿ (3)
2.ಬರಹಗಾರ (4)
3.ಹಸಿರು (3)
4.ಪ್ರೀತಿ (3)
8.ಬೆಳಕು (3)
10.ಆಗಸ (4)
12.ನೀರು (3)
13.ಶಿಕ್ಷಣ ಸಂಸ್ಥೆ (5)
15.ಕಡಲು (3)
16.ಮಾಲುಗಳ ಸಮಯ ತಾಂತ್ರಿಕ ವಿನ್ಯಾಸ (3)
